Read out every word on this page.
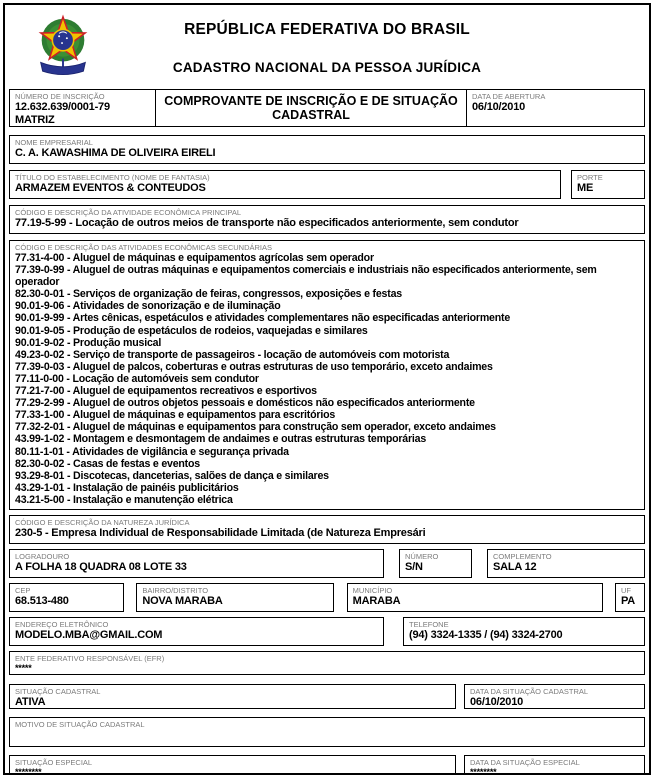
REPÚBLICA FEDERATIVA DO BRASIL
CADASTRO NACIONAL DA PESSOA JURÍDICA
NÚMERO DE INSCRIÇÃO
12.632.639/0001-79
MATRIZ
COMPROVANTE DE INSCRIÇÃO E DE SITUAÇÃO CADASTRAL
DATA DE ABERTURA
06/10/2010
NOME EMPRESARIAL
C. A. KAWASHIMA DE OLIVEIRA EIRELI
TÍTULO DO ESTABELECIMENTO (NOME DE FANTASIA)
ARMAZEM EVENTOS & CONTEUDOS
PORTE
ME
CÓDIGO E DESCRIÇÃO DA ATIVIDADE ECONÔMICA PRINCIPAL
77.19-5-99 - Locação de outros meios de transporte não especificados anteriormente, sem condutor
CÓDIGO E DESCRIÇÃO DAS ATIVIDADES ECONÔMICAS SECUNDÁRIAS
77.31-4-00 - Aluguel de máquinas e equipamentos agrícolas sem operador
77.39-0-99 - Aluguel de outras máquinas e equipamentos comerciais e industriais não especificados anteriormente, sem operador
82.30-0-01 - Serviços de organização de feiras, congressos, exposições e festas
90.01-9-06 - Atividades de sonorização e de iluminação
90.01-9-99 - Artes cênicas, espetáculos e atividades complementares não especificadas anteriormente
90.01-9-05 - Produção de espetáculos de rodeios, vaquejadas e similares
90.01-9-02 - Produção musical
49.23-0-02 - Serviço de transporte de passageiros - locação de automóveis com motorista
77.39-0-03 - Aluguel de palcos, coberturas e outras estruturas de uso temporário, exceto andaimes
77.11-0-00 - Locação de automóveis sem condutor
77.21-7-00 - Aluguel de equipamentos recreativos e esportivos
77.29-2-99 - Aluguel de outros objetos pessoais e domésticos não especificados anteriormente
77.33-1-00 - Aluguel de máquinas e equipamentos para escritórios
77.32-2-01 - Aluguel de máquinas e equipamentos para construção sem operador, exceto andaimes
43.99-1-02 - Montagem e desmontagem de andaimes e outras estruturas temporárias
80.11-1-01 - Atividades de vigilância e segurança privada
82.30-0-02 - Casas de festas e eventos
93.29-8-01 - Discotecas, danceterias, salões de dança e similares
43.29-1-01 - Instalação de painéis publicitários
43.21-5-00 - Instalação e manutenção elétrica
CÓDIGO E DESCRIÇÃO DA NATUREZA JURÍDICA
230-5 - Empresa Individual de Responsabilidade Limitada (de Natureza Empresári
LOGRADOURO
A FOLHA 18 QUADRA 08 LOTE 33
NÚMERO
S/N
COMPLEMENTO
SALA 12
CEP
68.513-480
BAIRRO/DISTRITO
NOVA MARABA
MUNICÍPIO
MARABA
UF
PA
ENDEREÇO ELETRÔNICO
MODELO.MBA@GMAIL.COM
TELEFONE
(94) 3324-1335 / (94) 3324-2700
ENTE FEDERATIVO RESPONSÁVEL (EFR)
*****
SITUAÇÃO CADASTRAL
ATIVA
DATA DA SITUAÇÃO CADASTRAL
06/10/2010
MOTIVO DE SITUAÇÃO CADASTRAL
SITUAÇÃO ESPECIAL
********
DATA DA SITUAÇÃO ESPECIAL
********
